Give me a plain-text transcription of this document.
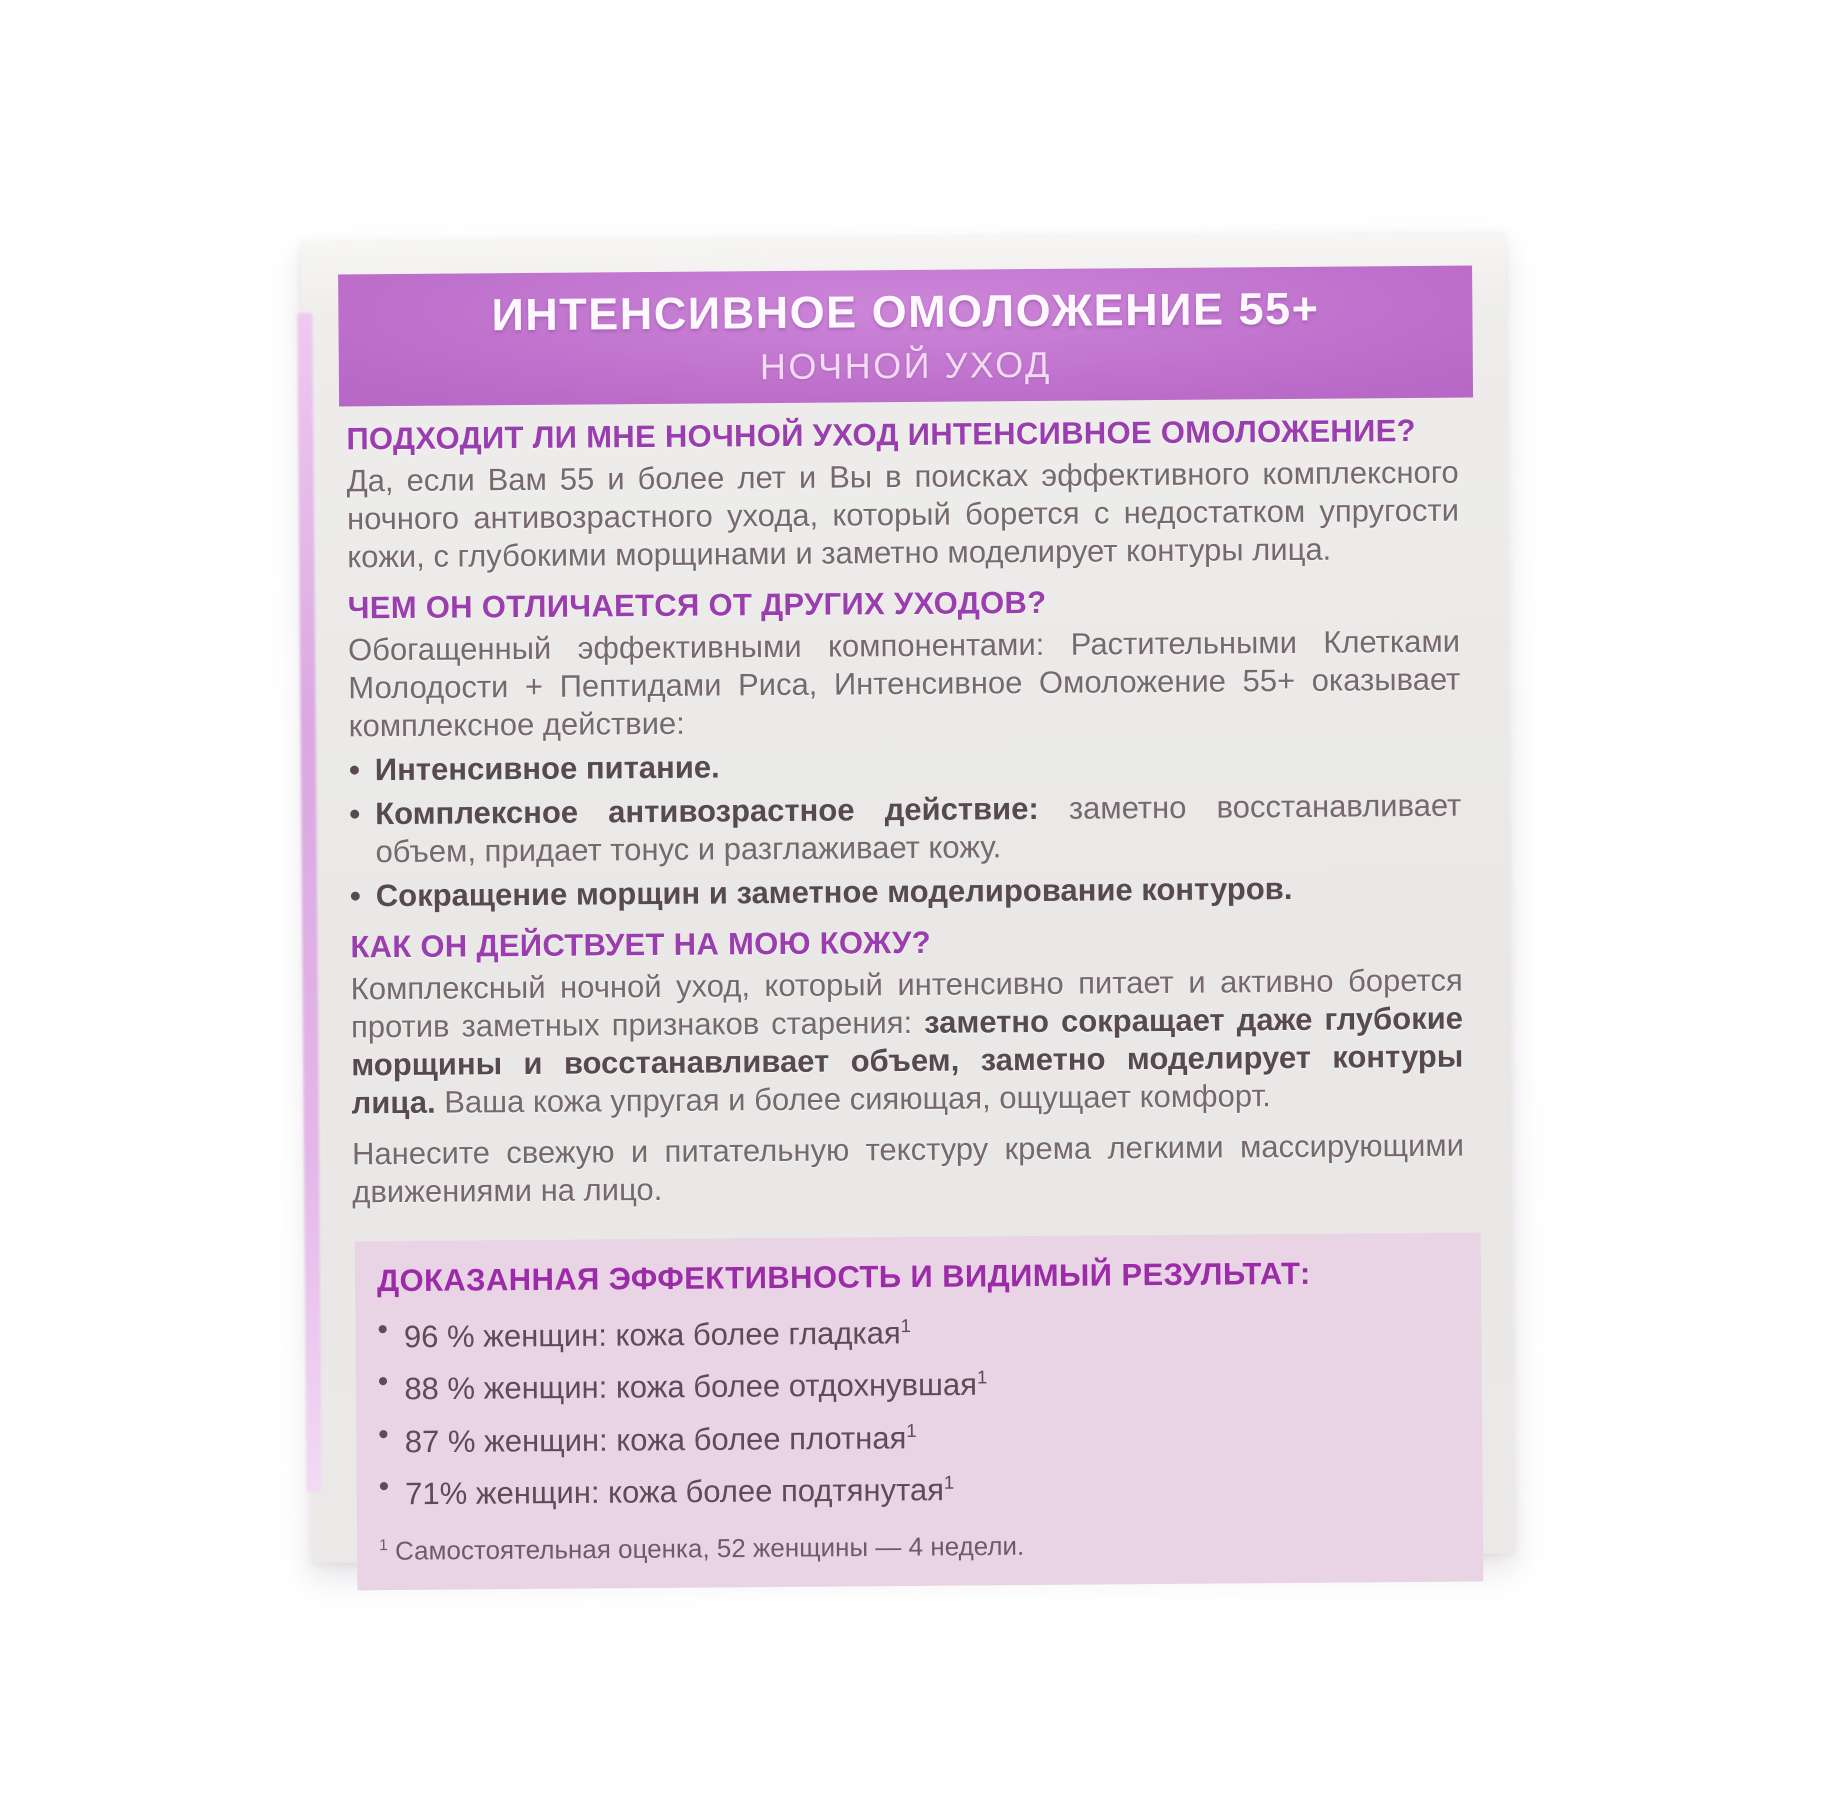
ИНТЕНСИВНОЕ ОМОЛОЖЕНИЕ 55+
НОЧНОЙ УХОД
ПОДХОДИТ ЛИ МНЕ НОЧНОЙ УХОД ИНТЕНСИВНОЕ ОМОЛОЖЕНИЕ?

Да, если Вам 55 и более лет и Вы в поисках эффективного комплексного ночного антивозрастного ухода, который борется с недостатком упругости кожи, с глубокими морщинами и заметно моделирует контуры лица.

ЧЕМ ОН ОТЛИЧАЕТСЯ ОТ ДРУГИХ УХОДОВ?

Обогащенный эффективными компонентами: Растительными Клетками Молодости + Пептидами Риса, Интенсивное Омоложение 55+ оказывает комплексное действие:

• Интенсивное питание.
• Комплексное антивозрастное действие: заметно восстанавливает объем, придает тонус и разглаживает кожу.
• Сокращение морщин и заметное моделирование контуров.
КАК ОН ДЕЙСТВУЕТ НА МОЮ КОЖУ?

Комплексный ночной уход, который интенсивно питает и активно борется против заметных признаков старения: заметно сокращает даже глубокие морщины и восстанавливает объем, заметно моделирует контуры лица. Ваша кожа упругая и более сияющая, ощущает комфорт.

Нанесите свежую и питательную текстуру крема легкими массирующими движениями на лицо.

ДОКАЗАННАЯ ЭФФЕКТИВНОСТЬ И ВИДИМЫЙ РЕЗУЛЬТАТ:
• 96 % женщин: кожа более гладкая$^1$
• 88 % женщин: кожа более отдохнувшая$^1$
• 87 % женщин: кожа более плотная$^1$
• 71% женщин: кожа более подтянутая$^1$
$^1$ Самостоятельная оценка, 52 женщины — 4 недели.
